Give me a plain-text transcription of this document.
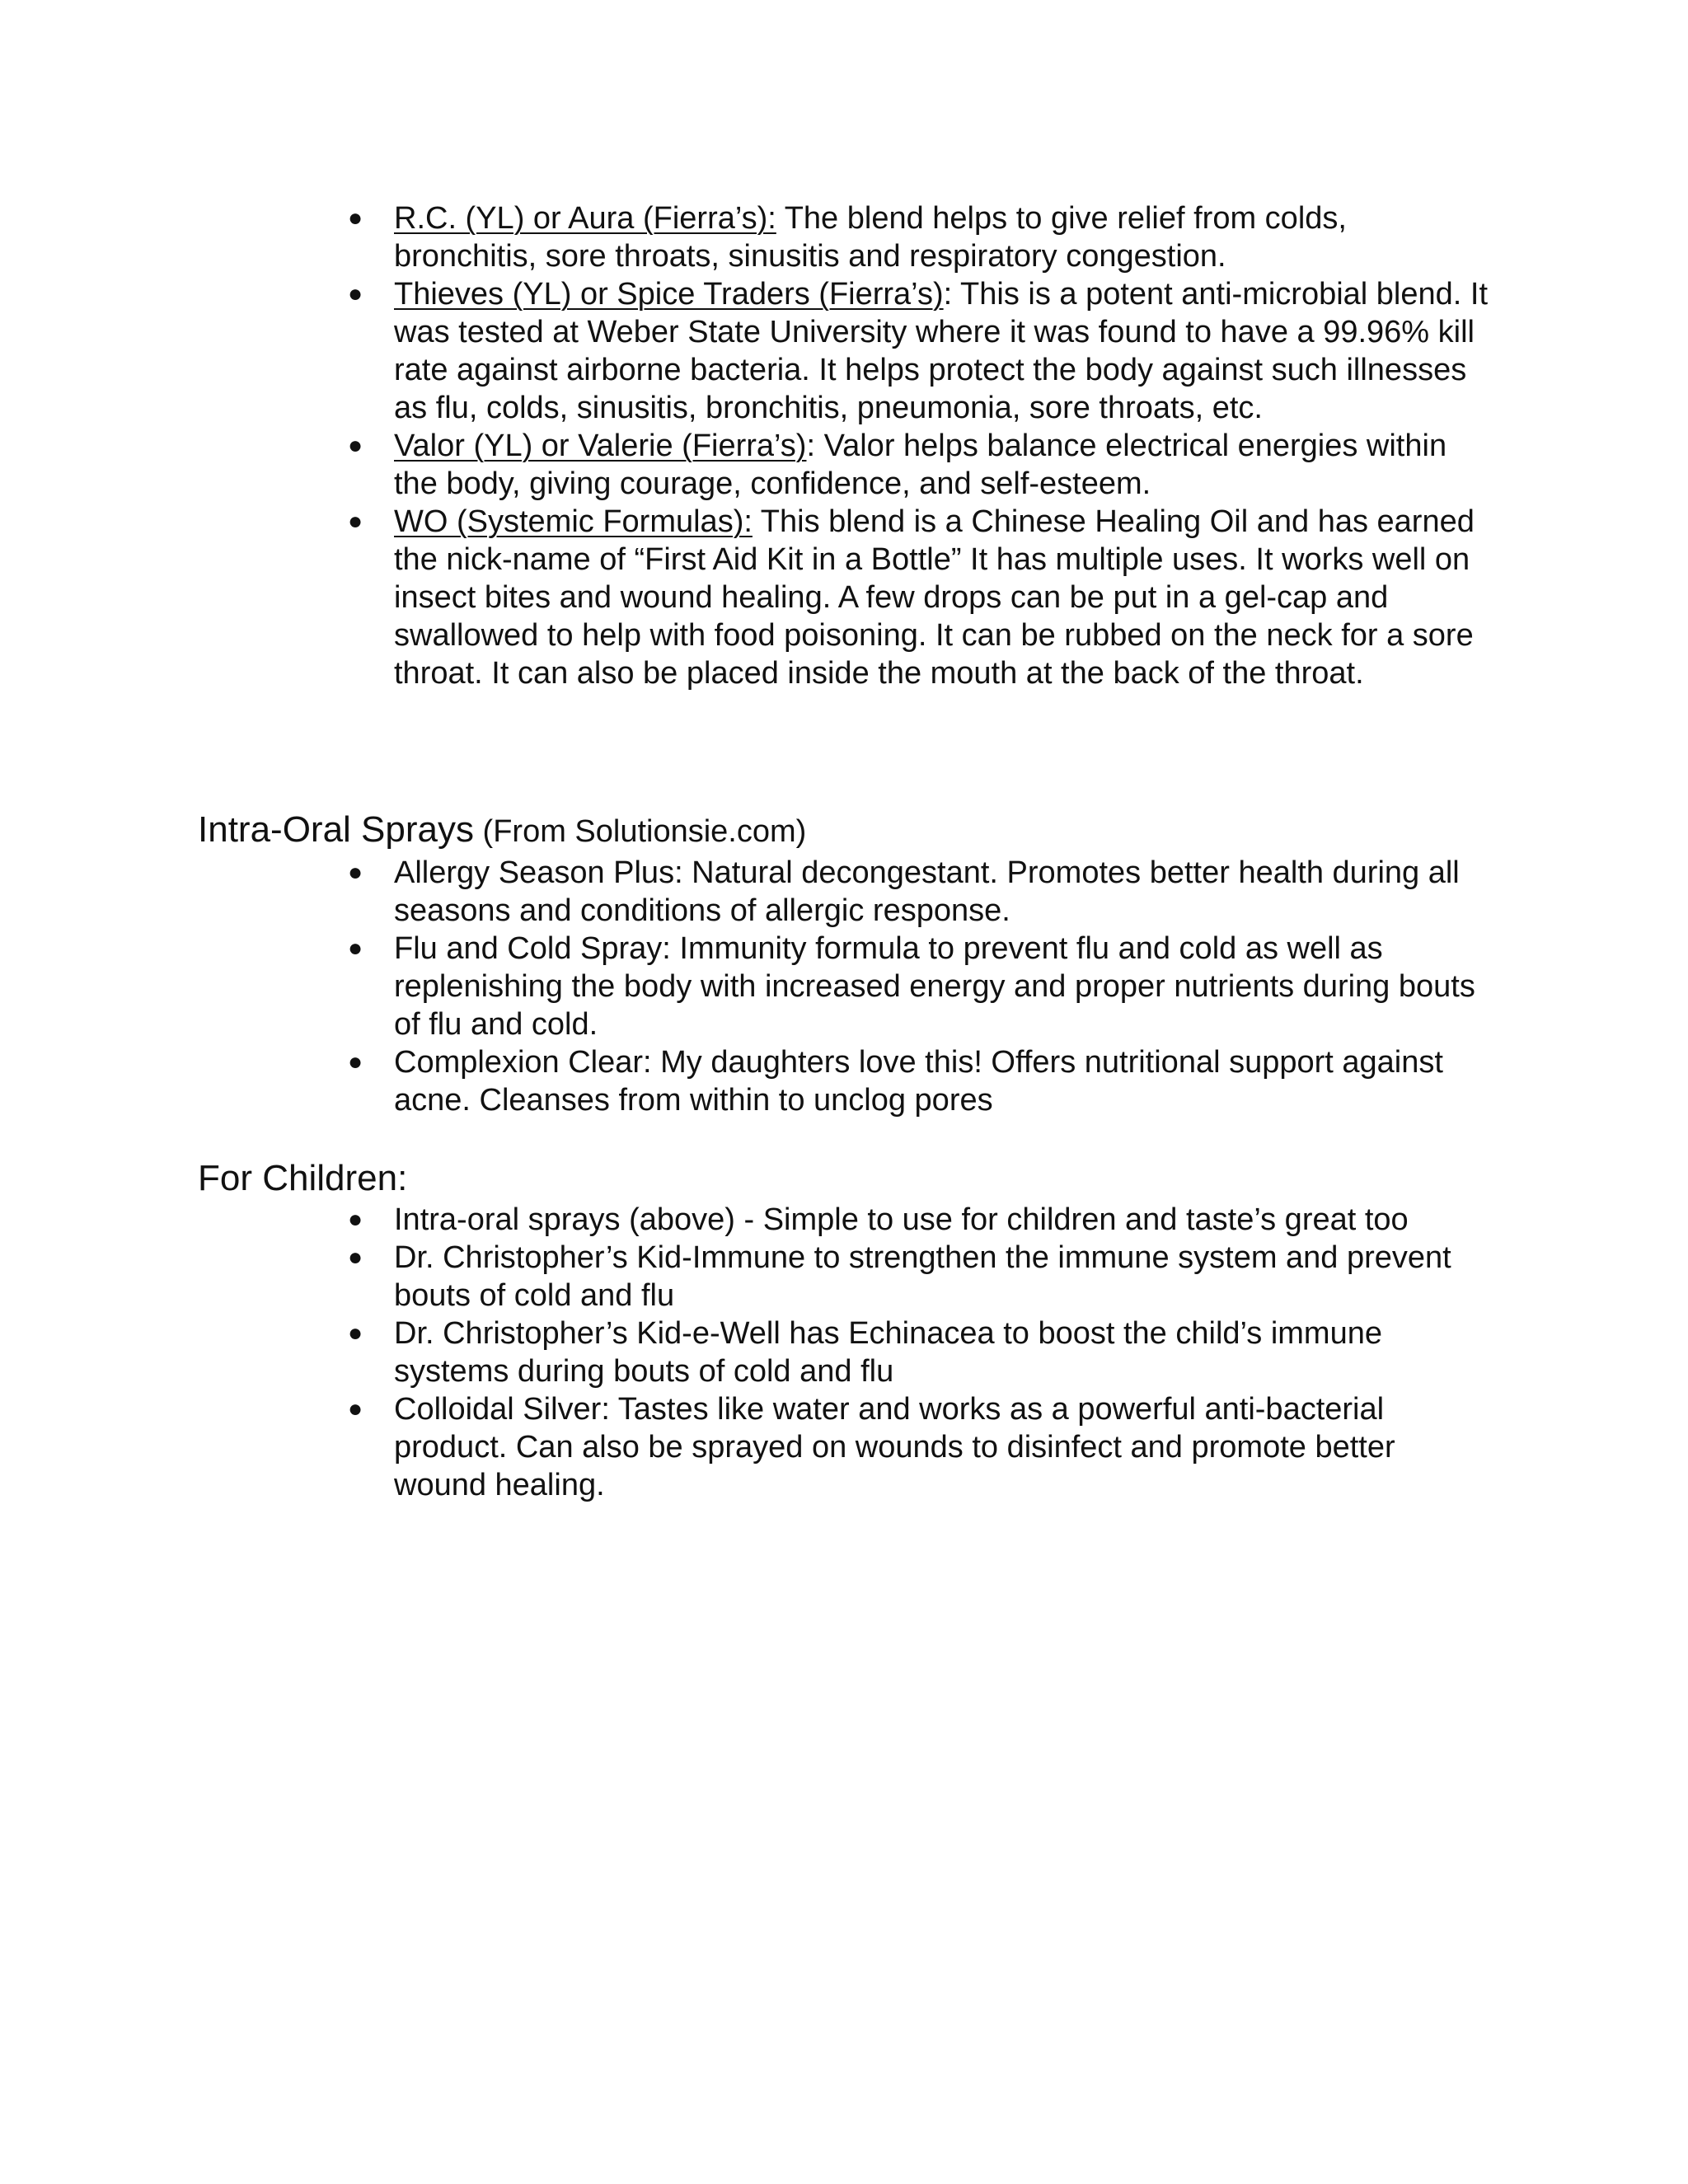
● R.C. (YL) or Aura (Fierra’s): The blend helps to give relief from colds, bronchitis, sore throats, sinusitis and respiratory congestion.
● Thieves (YL) or Spice Traders (Fierra’s): This is a potent anti-microbial blend. It was tested at Weber State University where it was found to have a 99.96% kill rate against airborne bacteria. It helps protect the body against such illnesses as flu, colds, sinusitis, bronchitis, pneumonia, sore throats, etc.
● Valor (YL) or Valerie (Fierra’s): Valor helps balance electrical energies within the body, giving courage, confidence, and self-esteem.
● WO (Systemic Formulas): This blend is a Chinese Healing Oil and has earned the nick-name of “First Aid Kit in a Bottle” It has multiple uses. It works well on insect bites and wound healing. A few drops can be put in a gel-cap and swallowed to help with food poisoning. It can be rubbed on the neck for a sore throat. It can also be placed inside the mouth at the back of the throat.
Intra-Oral Sprays (From Solutionsie.com)
● Allergy Season Plus: Natural decongestant. Promotes better health during all seasons and conditions of allergic response.
● Flu and Cold Spray: Immunity formula to prevent flu and cold as well as replenishing the body with increased energy and proper nutrients during bouts of flu and cold.
● Complexion Clear: My daughters love this! Offers nutritional support against acne. Cleanses from within to unclog pores
For Children:
● Intra-oral sprays (above) - Simple to use for children and taste’s great too
● Dr. Christopher’s Kid-Immune to strengthen the immune system and prevent bouts of cold and flu
● Dr. Christopher’s Kid-e-Well has Echinacea to boost the child’s immune systems during bouts of cold and flu
● Colloidal Silver: Tastes like water and works as a powerful anti-bacterial product. Can also be sprayed on wounds to disinfect and promote better wound healing.
